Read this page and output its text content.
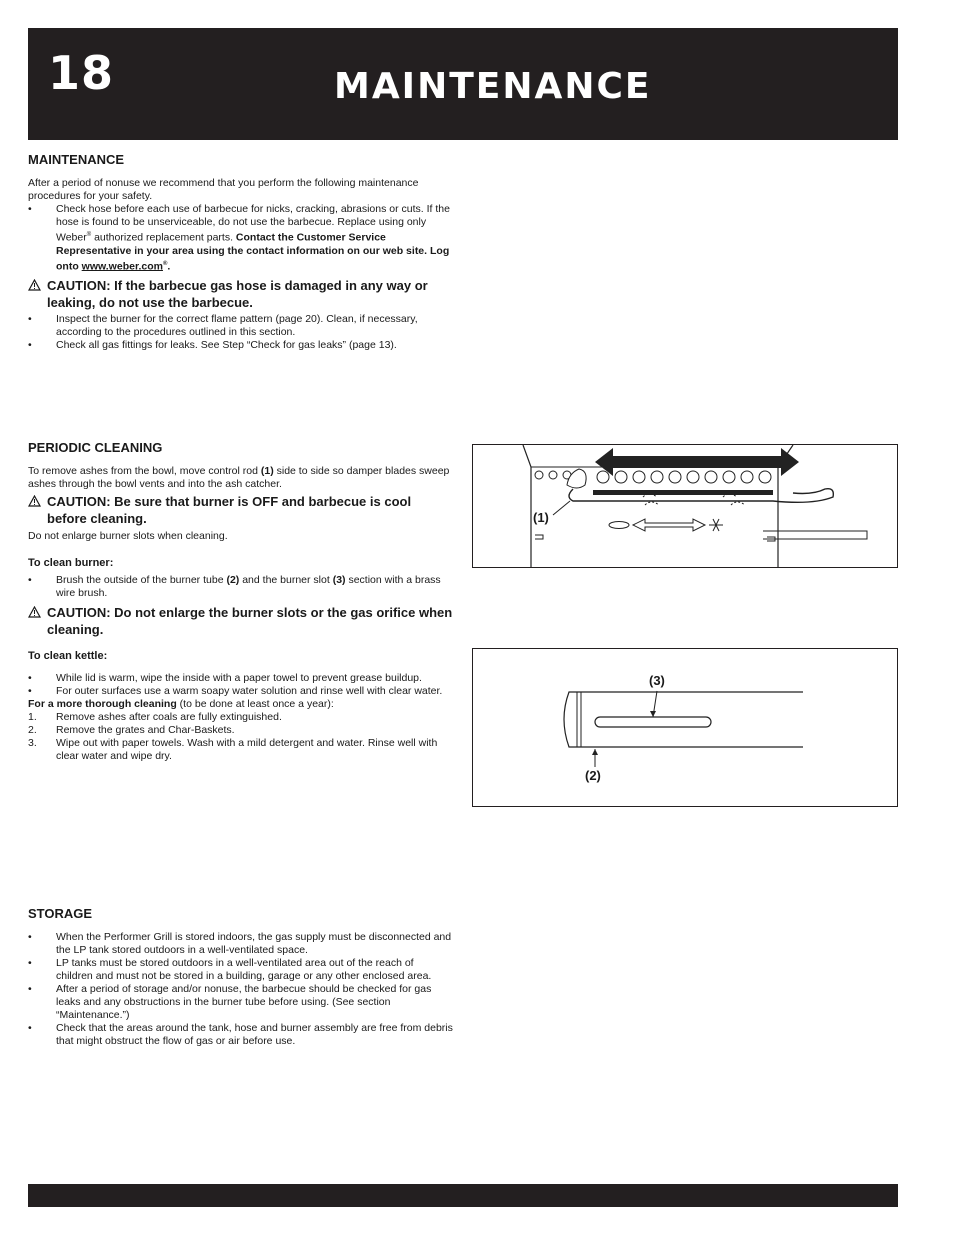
18	MAINTENANCE
MAINTENANCE

After a period of nonuse we recommend that you perform the following maintenance procedures for your safety.

• Check hose before each use of barbecue for nicks, cracking, abrasions or cuts. If the hose is found to be unserviceable, do not use the barbecue. Replace using only Weber® authorized replacement parts. Contact the Customer Service Representative in your area using the contact information on our web site. Log onto www.weber.com®.
CAUTION: If the barbecue gas hose is damaged in any way or leaking, do not use the barbecue.
• Inspect the burner for the correct flame pattern (page 20). Clean, if necessary, according to the procedures outlined in this section.
• Check all gas fittings for leaks. See Step “Check for gas leaks” (page 13).
PERIODIC CLEANING

To remove ashes from the bowl, move control rod (1) side to side so damper blades sweep ashes through the bowl vents and into the ash catcher.

CAUTION: Be sure that burner is OFF and barbecue is cool before cleaning.

Do not enlarge burner slots when cleaning.

To clean burner:
• Brush the outside of the burner tube (2) and the burner slot (3) section with a brass wire brush.
CAUTION: Do not enlarge the burner slots or the gas orifice when cleaning.
To clean kettle:
• While lid is warm, wipe the inside with a paper towel to prevent grease buildup.
• For outer surfaces use a warm soapy water solution and rinse well with clear water.

For a more thorough cleaning (to be done at least once a year):

1. Remove ashes after coals are fully extinguished.
2. Remove the grates and Char-Baskets.
3. Wipe out with paper towels. Wash with a mild detergent and water. Rinse well with clear water and wipe dry.
STORAGE
• When the Performer Grill is stored indoors, the gas supply must be disconnected and the LP tank stored outdoors in a well-ventilated space.
• LP tanks must be stored outdoors in a well-ventilated area out of the reach of children and must not be stored in a building, garage or any other enclosed area.
• After a period of storage and/or nonuse, the barbecue should be checked for gas leaks and any obstructions in the burner tube before using. (See section “Maintenance.”)
• Check that the areas around the tank, hose and burner assembly are free from debris that might obstruct the flow of gas or air before use.
(1)
(3)
(2)
